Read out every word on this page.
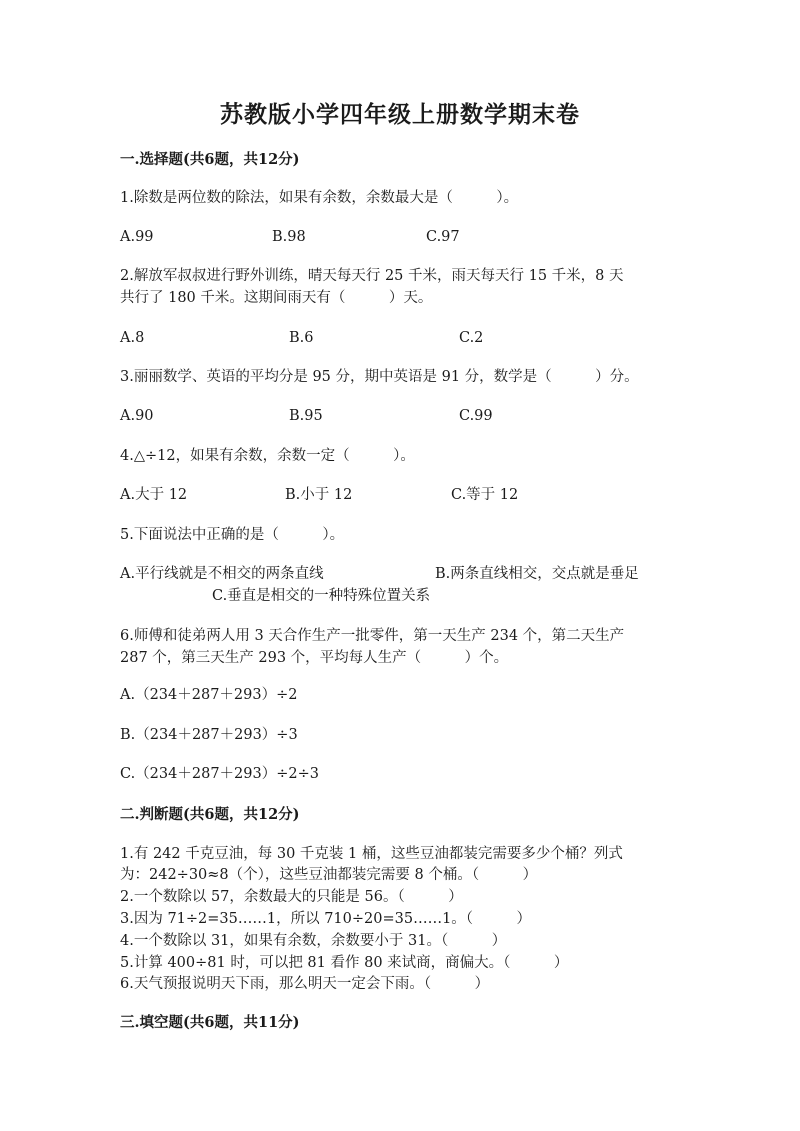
苏教版小学四年级上册数学期末卷
一.选择题(共6题，共12分)
1.除数是两位数的除法，如果有余数，余数最大是（　　　）。
A.99	B.98	C.97
2.解放军叔叔进行野外训练，晴天每天行 25 千米，雨天每天行 15 千米，8 天
共行了 180 千米。这期间雨天有（　　　）天。
A.8	B.6	C.2
3.丽丽数学、英语的平均分是 95 分，期中英语是 91 分，数学是（　　　）分。
A.90	B.95	C.99
4.△÷12，如果有余数，余数一定（　　　）。
A.大于 12	B.小于 12	C.等于 12
5.下面说法中正确的是（　　　）。
A.平行线就是不相交的两条直线	B.两条直线相交，交点就是垂足
C.垂直是相交的一种特殊位置关系
6.师傅和徒弟两人用 3 天合作生产一批零件，第一天生产 234 个，第二天生产
287 个，第三天生产 293 个，平均每人生产（　　　）个。
A.（234＋287＋293）÷2
B.（234＋287＋293）÷3
C.（234＋287＋293）÷2÷3
二.判断题(共6题，共12分)
1.有 242 千克豆油，每 30 千克装 1 桶，这些豆油都装完需要多少个桶？列式
为：242÷30≈8（个），这些豆油都装完需要 8 个桶。（　　　）
2.一个数除以 57，余数最大的只能是 56。（　　　）
3.因为 71÷2=35……1，所以 710÷20=35……1。（　　　）
4.一个数除以 31，如果有余数，余数要小于 31。（　　　）
5.计算 400÷81 时，可以把 81 看作 80 来试商，商偏大。（　　　）
6.天气预报说明天下雨，那么明天一定会下雨。（　　　）
三.填空题(共6题，共11分)
